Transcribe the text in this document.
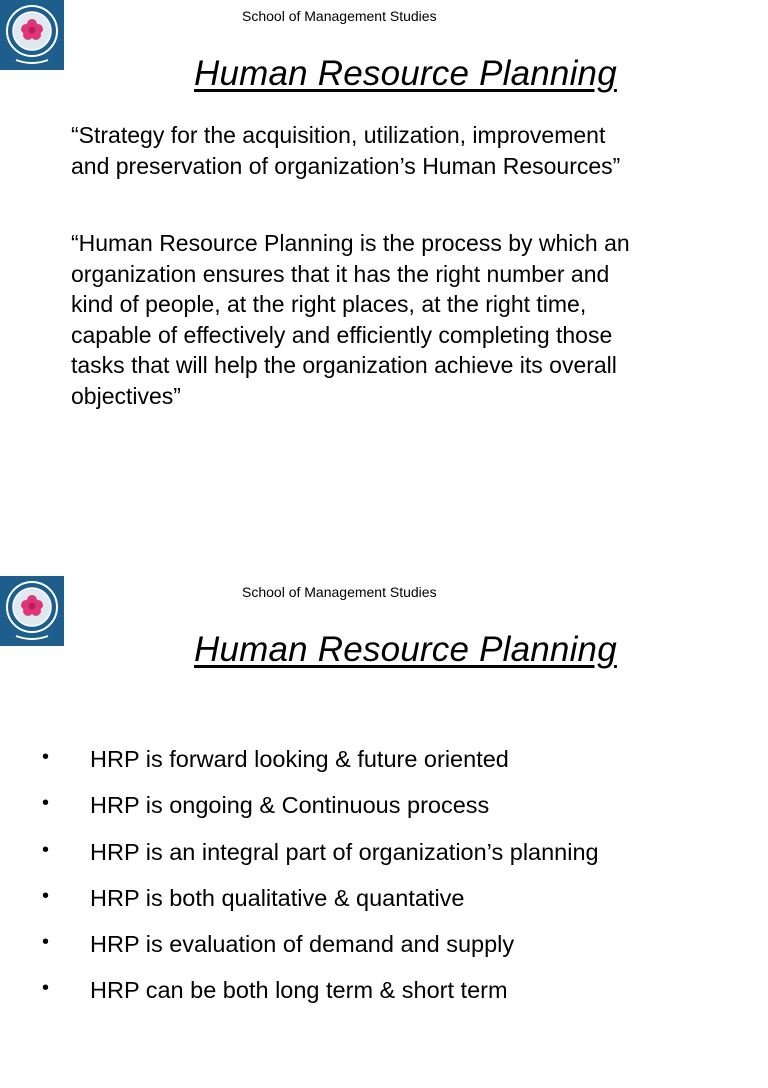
School of Management Studies
Human Resource Planning

“Strategy for the acquisition, utilization, improvement
and preservation of organization’s Human Resources”

“Human Resource Planning is the process by which an
organization ensures that it has the right number and
kind of people, at the right places, at the right time,
capable of effectively and efficiently completing those
tasks that will help the organization achieve its overall
objectives”

School of Management Studies
Human Resource Planning
• HRP is forward looking & future oriented
• HRP is ongoing & Continuous process
• HRP is an integral part of organization’s planning
• HRP is both qualitative & quantative
• HRP is evaluation of demand and supply
• HRP can be both long term & short term
